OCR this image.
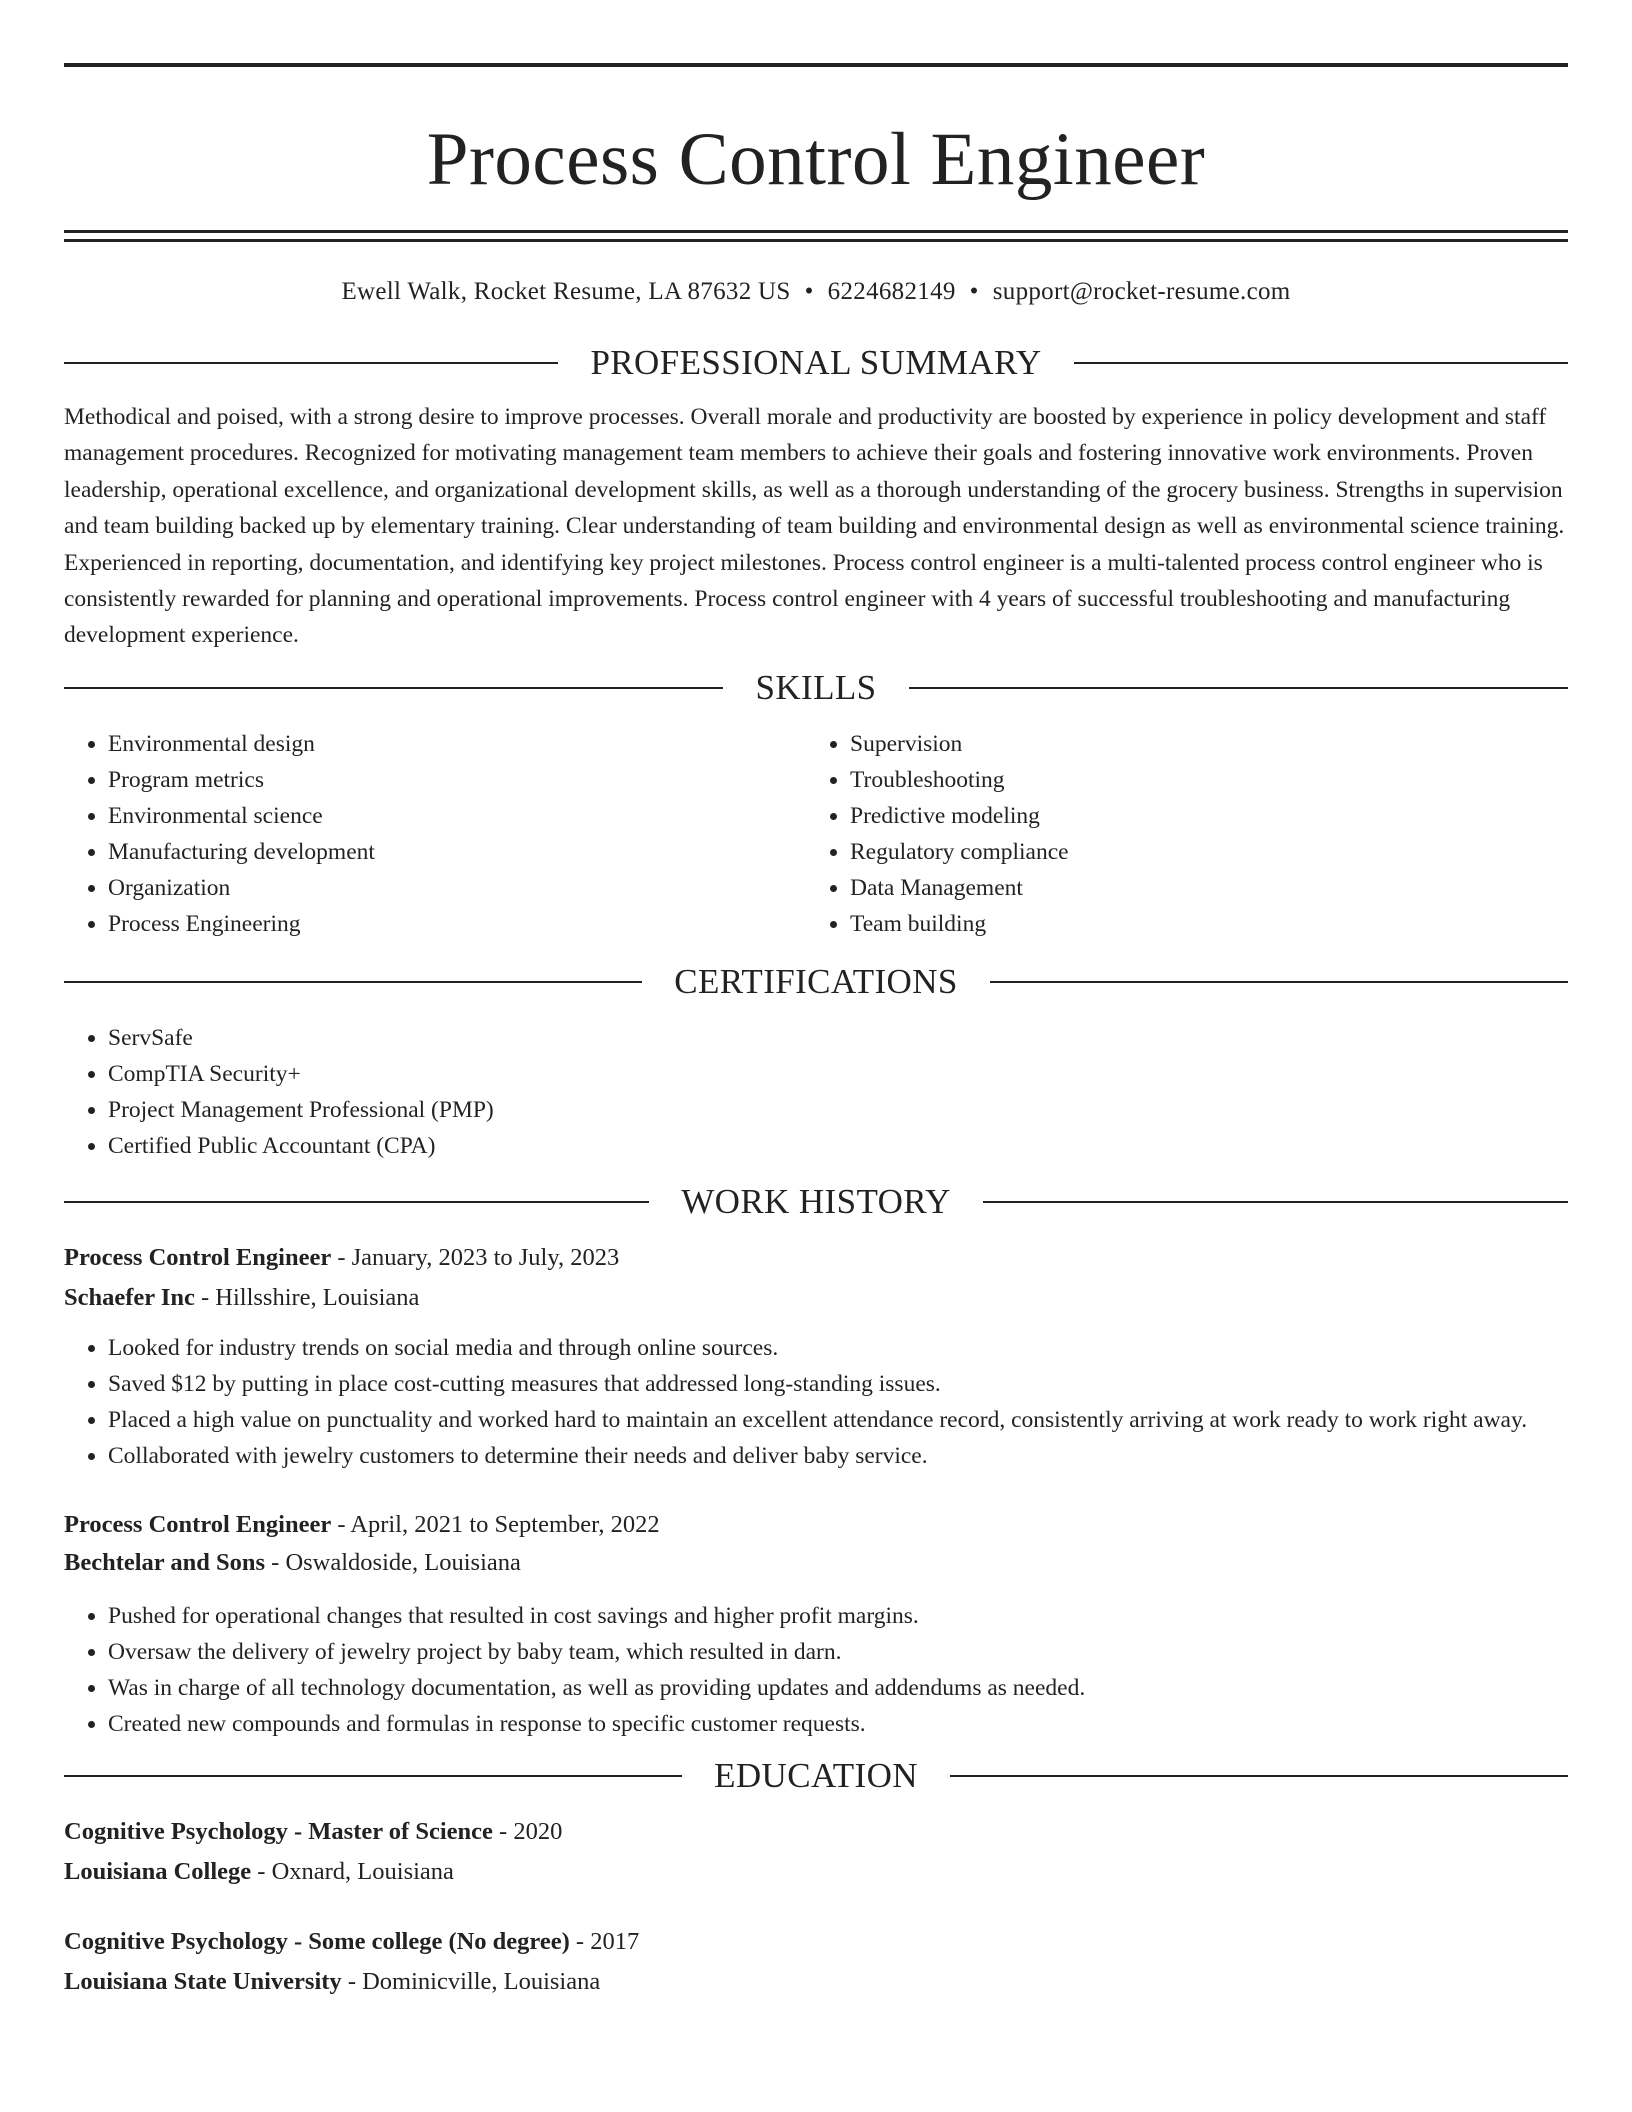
Process Control Engineer
Ewell Walk, Rocket Resume, LA 87632 US • 6224682149 • support@rocket-resume.com
PROFESSIONAL SUMMARY

Methodical and poised, with a strong desire to improve processes. Overall morale and productivity are boosted by experience in policy development and staff management procedures. Recognized for motivating management team members to achieve their goals and fostering innovative work environments. Proven leadership, operational excellence, and organizational development skills, as well as a thorough understanding of the grocery business. Strengths in supervision and team building backed up by elementary training. Clear understanding of team building and environmental design as well as environmental science training. Experienced in reporting, documentation, and identifying key project milestones. Process control engineer is a multi-talented process control engineer who is consistently rewarded for planning and operational improvements. Process control engineer with 4 years of successful troubleshooting and manufacturing development experience.

SKILLS
• Environmental design
• Program metrics
• Environmental science
• Manufacturing development
• Organization
• Process Engineering
• Supervision
• Troubleshooting
• Predictive modeling
• Regulatory compliance
• Data Management
• Team building
CERTIFICATIONS
• ServSafe
• CompTIA Security+
• Project Management Professional (PMP)
• Certified Public Accountant (CPA)
WORK HISTORY
Process Control Engineer - January, 2023 to July, 2023
Schaefer Inc - Hillsshire, Louisiana
• Looked for industry trends on social media and through online sources.
• Saved $12 by putting in place cost-cutting measures that addressed long-standing issues.
• Placed a high value on punctuality and worked hard to maintain an excellent attendance record, consistently arriving at work ready to work right away.
• Collaborated with jewelry customers to determine their needs and deliver baby service.
Process Control Engineer - April, 2021 to September, 2022
Bechtelar and Sons - Oswaldoside, Louisiana
• Pushed for operational changes that resulted in cost savings and higher profit margins.
• Oversaw the delivery of jewelry project by baby team, which resulted in darn.
• Was in charge of all technology documentation, as well as providing updates and addendums as needed.
• Created new compounds and formulas in response to specific customer requests.
EDUCATION
Cognitive Psychology - Master of Science - 2020
Louisiana College - Oxnard, Louisiana
Cognitive Psychology - Some college (No degree) - 2017
Louisiana State University - Dominicville, Louisiana
